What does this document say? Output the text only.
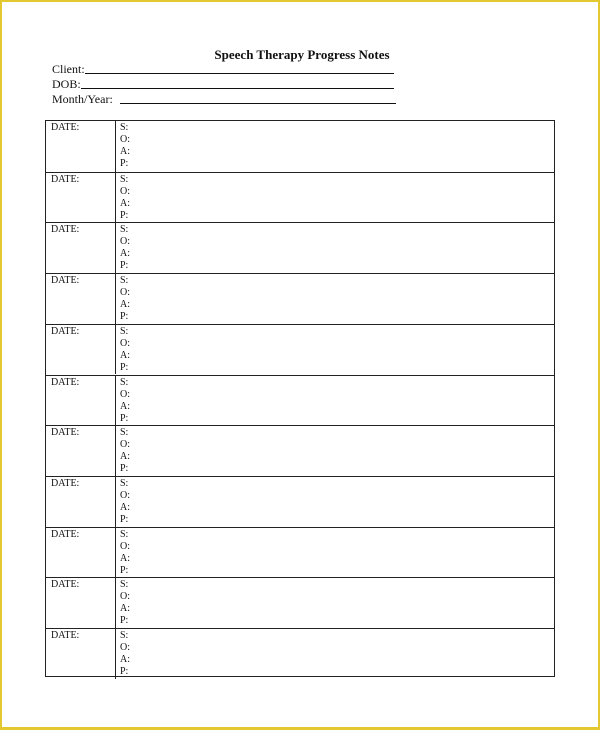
Speech Therapy Progress Notes
Client:
DOB:
Month/Year:
DATE:	S:
O:
A:
P:
DATE:	S:
O:
A:
P:
DATE:	S:
O:
A:
P:
DATE:	S:
O:
A:
P:
DATE:	S:
O:
A:
P:
DATE:	S:
O:
A:
P:
DATE:	S:
O:
A:
P:
DATE:	S:
O:
A:
P:
DATE:	S:
O:
A:
P:
DATE:	S:
O:
A:
P:
DATE:	S:
O:
A:
P:
